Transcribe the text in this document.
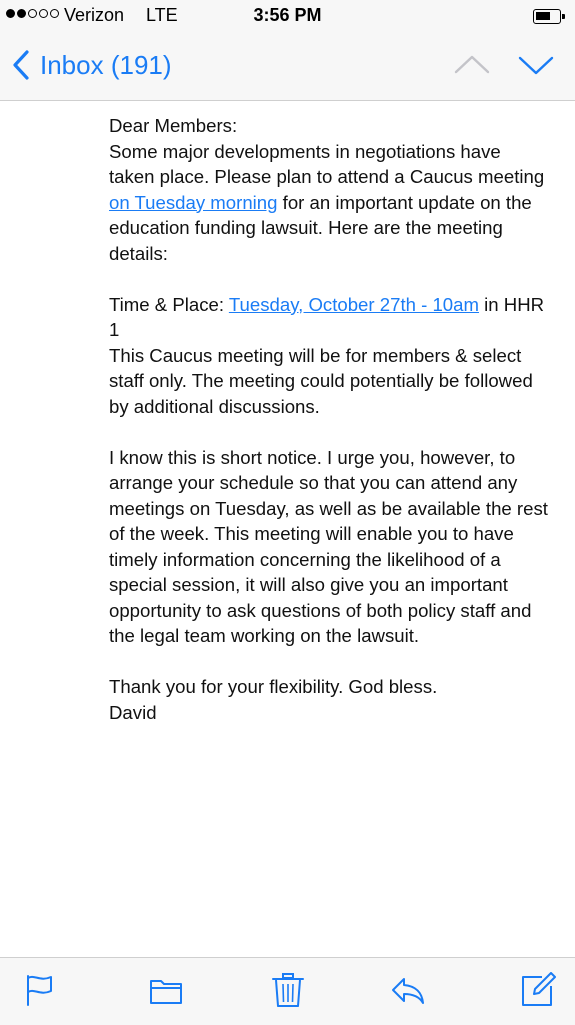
Verizon LTE	3:56 PM
Inbox (191)

Dear Members:

Some major developments in negotiations have taken place. Please plan to attend a Caucus meeting on Tuesday morning for an important update on the education funding lawsuit. Here are the meeting details:

Time & Place: Tuesday, October 27th - 10am in HHR 1

This Caucus meeting will be for members & select staff only. The meeting could potentially be followed by additional discussions.

I know this is short notice. I urge you, however, to arrange your schedule so that you can attend any meetings on Tuesday, as well as be available the rest of the week. This meeting will enable you to have timely information concerning the likelihood of a special session, it will also give you an important opportunity to ask questions of both policy staff and the legal team working on the lawsuit.

Thank you for your flexibility. God bless.

David
